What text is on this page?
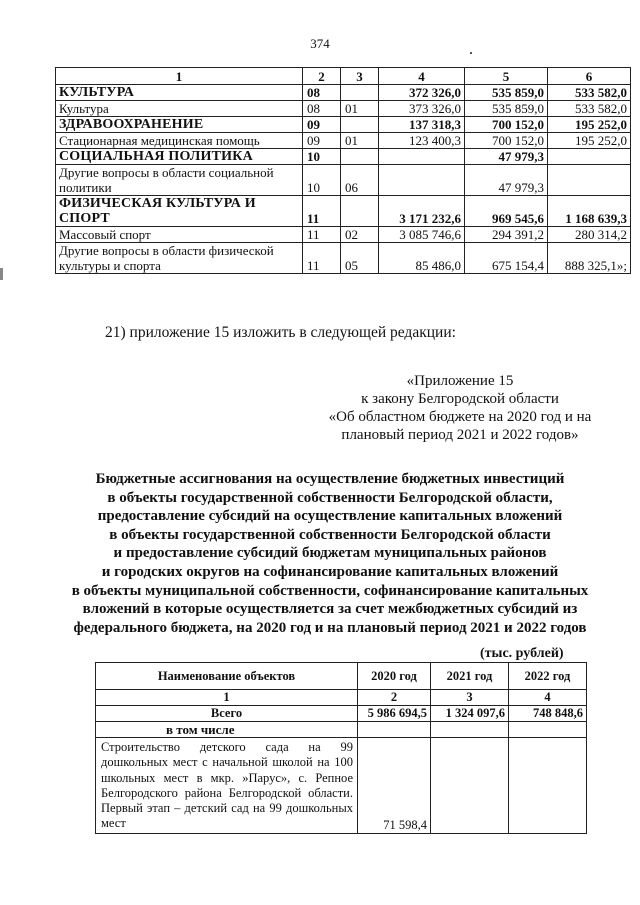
374
1	2	3	4	5	6
КУЛЬТУРА	08		372 326,0	535 859,0	533 582,0
Культура	08	01	373 326,0	535 859,0	533 582,0
ЗДРАВООХРАНЕНИЕ	09		137 318,3	700 152,0	195 252,0
Стационарная медицинская помощь	09	01	123 400,3	700 152,0	195 252,0
СОЦИАЛЬНАЯ ПОЛИТИКА	10			47 979,3	
Другие вопросы в области социальной политики	10	06		47 979,3	
ФИЗИЧЕСКАЯ КУЛЬТУРА И СПОРТ	11		3 171 232,6	969 545,6	1 168 639,3
Массовый спорт	11	02	3 085 746,6	294 391,2	280 314,2
Другие вопросы в области физической культуры и спорта	11	05	85 486,0	675 154,4	888 325,1»;
21) приложение 15 изложить в следующей редакции:
«Приложение 15
к закону Белгородской области
«Об областном бюджете на 2020 год и на
плановый период 2021 и 2022 годов»
Бюджетные ассигнования на осуществление бюджетных инвестиций
в объекты государственной собственности Белгородской области,
предоставление субсидий на осуществление капитальных вложений
в объекты государственной собственности Белгородской области
и предоставление субсидий бюджетам муниципальных районов
и городских округов на софинансирование капитальных вложений
в объекты муниципальной собственности, софинансирование капитальных
вложений в которые осуществляется за счет межбюджетных субсидий из
федерального бюджета, на 2020 год и на плановый период 2021 и 2022 годов
(тыс. рублей)
Наименование объектов	2020 год	2021 год	2022 год
1	2	3	4
Всего	5 986 694,5	1 324 097,6	748 848,6
в том числе			
Строительство детского сада на 99 дошкольных мест с начальной школой на 100 школьных мест в мкр. »Парус», с. Репное Белгородского района Белгородской области. Первый этап – детский сад на 99 дошкольных мест	71 598,4		
